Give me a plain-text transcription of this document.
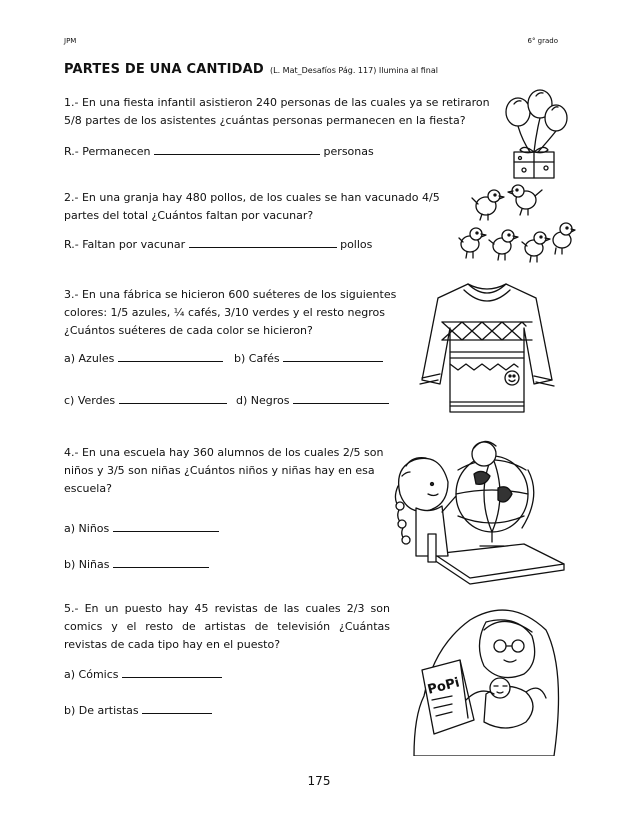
JPM	6° grado
PARTES DE UNA CANTIDAD (L. Mat_Desafíos Pág. 117) Ilumina al final
1.- En una fiesta infantil asistieron 240 personas de las cuales ya se retiraron
5/8 partes de los asistentes ¿cuántas personas permanecen en la fiesta?
R.- Permanecen	personas
2.- En una granja hay 480 pollos, de los cuales se han vacunado 4/5
partes del total ¿Cuántos faltan por vacunar?
R.- Faltan por vacunar	pollos
3.- En una fábrica se hicieron 600 suéteres de los siguientes
colores: 1/5 azules, ¼ cafés, 3/10 verdes y el resto negros
¿Cuántos suéteres de cada color se hicieron?
a) Azules	b) Cafés
c) Verdes	d) Negros
4.- En una escuela hay 360 alumnos de los cuales 2/5 son
niños y 3/5 son niñas ¿Cuántos niños y niñas hay en esa
escuela?
a) Niños
b) Niñas
5.- En un puesto hay 45 revistas de las cuales 2/3 son
comics y el resto de artistas de televisión ¿Cuántas
revistas de cada tipo hay en el puesto?
a) Cómics
b) De artistas
PoPi
175
